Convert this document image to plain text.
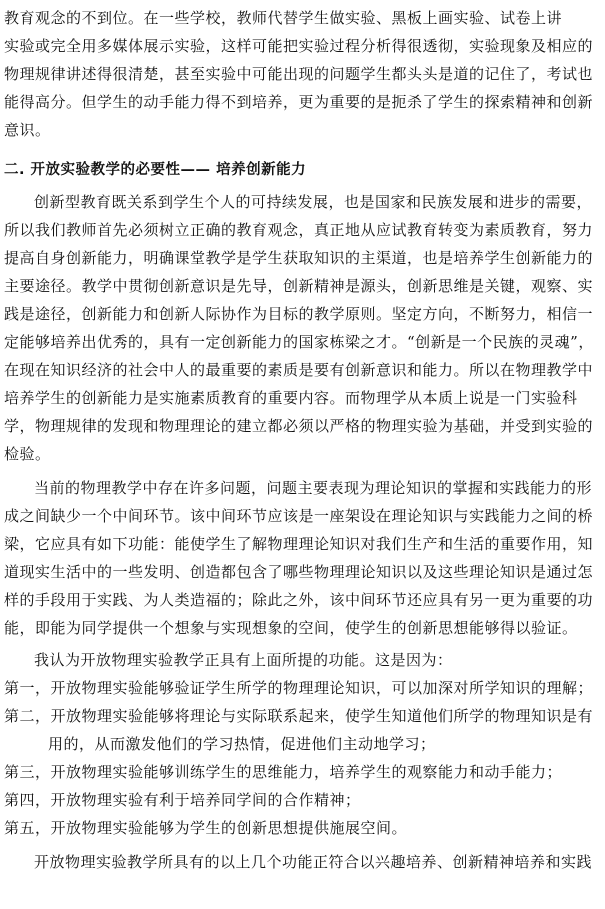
教育观念的不到位。在一些学校，教师代替学生做实验、黑板上画实验、试卷上讲
实验或完全用多媒体展示实验，这样可能把实验过程分析得很透彻，实验现象及相应的
物理规律讲述得很清楚，甚至实验中可能出现的问题学生都头头是道的记住了，考试也
能得高分。但学生的动手能力得不到培养，更为重要的是扼杀了学生的探索精神和创新
意识。
二. 开放实验教学的必要性—— 培养创新能力
创新型教育既关系到学生个人的可持续发展，也是国家和民族发展和进步的需要，
所以我们教师首先必须树立正确的教育观念，真正地从应试教育转变为素质教育，努力
提高自身创新能力，明确课堂教学是学生获取知识的主渠道，也是培养学生创新能力的
主要途径。教学中贯彻创新意识是先导，创新精神是源头，创新思维是关键，观察、实
践是途径，创新能力和创新人际协作为目标的教学原则。坚定方向，不断努力，相信一
定能够培养出优秀的，具有一定创新能力的国家栋梁之才。“创新是一个民族的灵魂”，
在现在知识经济的社会中人的最重要的素质是要有创新意识和能力。所以在物理教学中
培养学生的创新能力是实施素质教育的重要内容。而物理学从本质上说是一门实验科
学，物理规律的发现和物理理论的建立都必须以严格的物理实验为基础，并受到实验的
检验。
当前的物理教学中存在许多问题，问题主要表现为理论知识的掌握和实践能力的形
成之间缺少一个中间环节。该中间环节应该是一座架设在理论知识与实践能力之间的桥
梁，它应具有如下功能：能使学生了解物理理论知识对我们生产和生活的重要作用，知
道现实生活中的一些发明、创造都包含了哪些物理理论知识以及这些理论知识是通过怎
样的手段用于实践、为人类造福的；除此之外，该中间环节还应具有另一更为重要的功
能，即能为同学提供一个想象与实现想象的空间，使学生的创新思想能够得以验证。
我认为开放物理实验教学正具有上面所提的功能。这是因为：
第一，开放物理实验能够验证学生所学的物理理论知识，可以加深对所学知识的理解；
第二，开放物理实验能够将理论与实际联系起来，使学生知道他们所学的物理知识是有
用的，从而激发他们的学习热情，促进他们主动地学习；
第三，开放物理实验能够训练学生的思维能力，培养学生的观察能力和动手能力；
第四，开放物理实验有利于培养同学间的合作精神；
第五，开放物理实验能够为学生的创新思想提供施展空间。
开放物理实验教学所具有的以上几个功能正符合以兴趣培养、创新精神培养和实践
